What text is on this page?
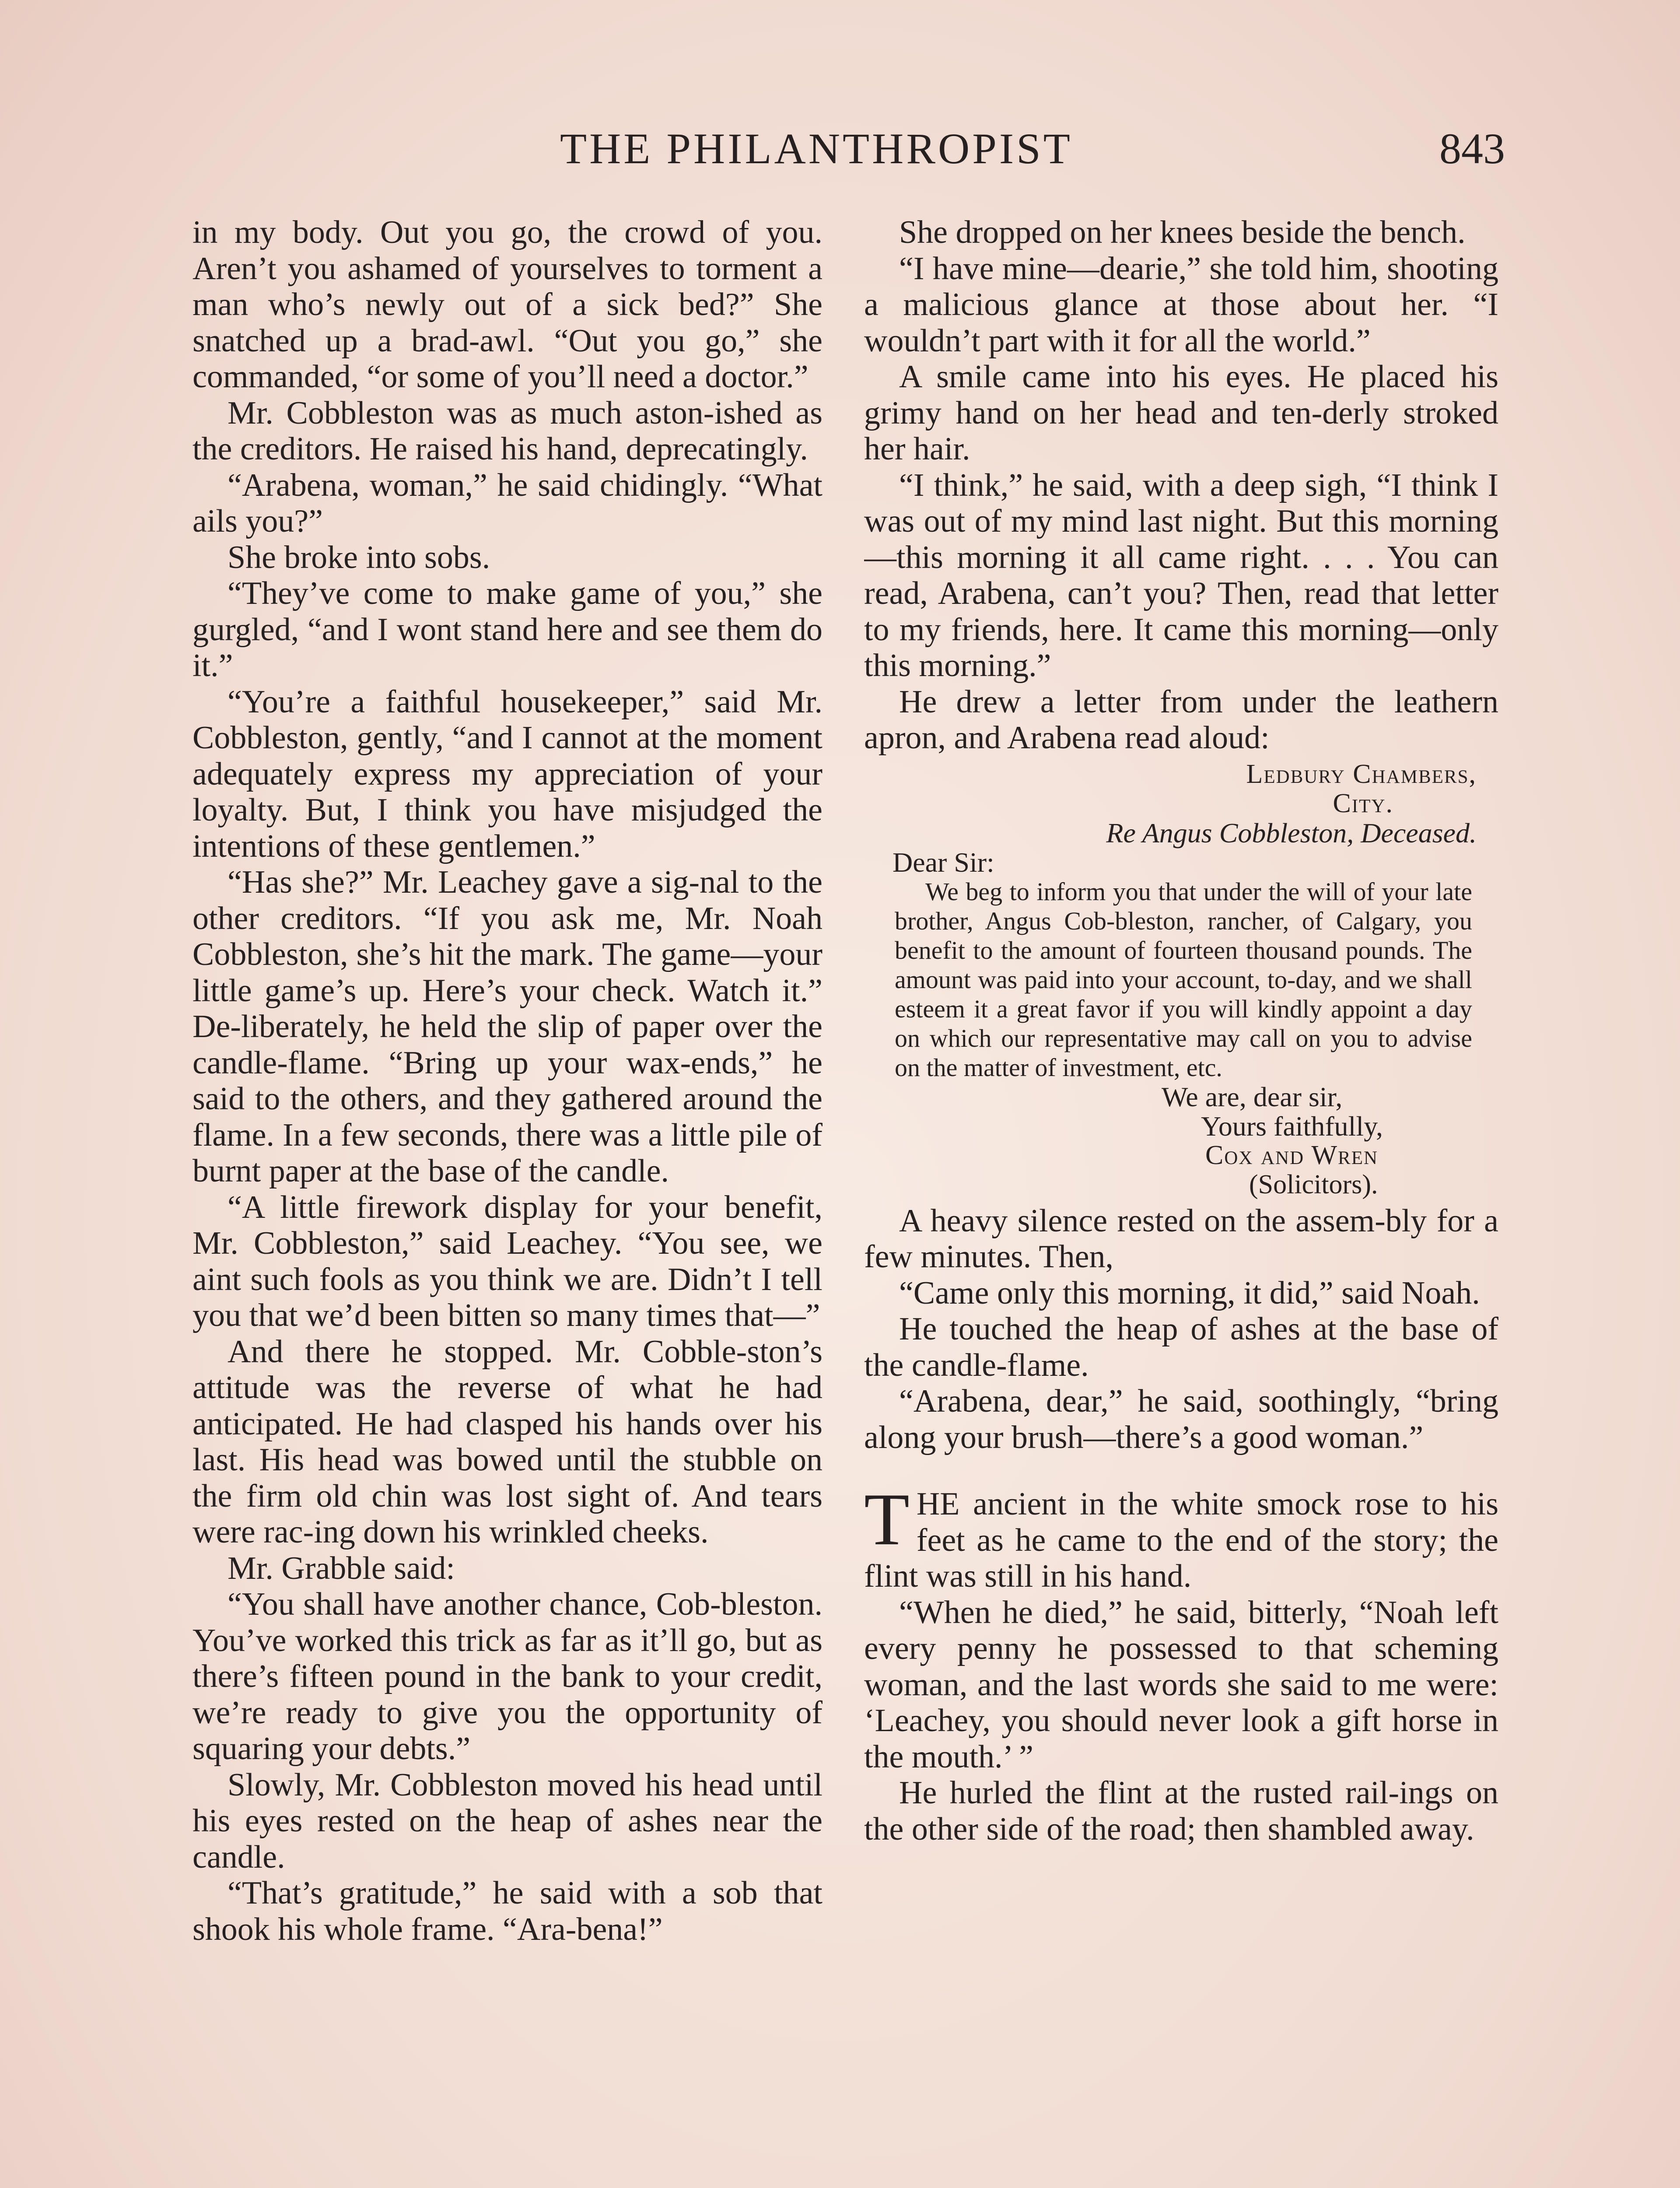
THE PHILANTHROPIST	843

in my body. Out you go, the crowd of you. Aren’t you ashamed of yourselves to torment a man who’s newly out of a sick bed?” She snatched up a brad-awl. “Out you go,” she commanded, “or some of you’ll need a doctor.”

Mr. Cobbleston was as much aston-ished as the creditors. He raised his hand, deprecatingly.

“Arabena, woman,” he said chidingly. “What ails you?”

She broke into sobs.

“They’ve come to make game of you,” she gurgled, “and I wont stand here and see them do it.”

“You’re a faithful housekeeper,” said Mr. Cobbleston, gently, “and I cannot at the moment adequately express my appreciation of your loyalty. But, I think you have misjudged the intentions of these gentlemen.”

“Has she?” Mr. Leachey gave a sig-nal to the other creditors. “If you ask me, Mr. Noah Cobbleston, she’s hit the mark. The game—your little game’s up. Here’s your check. Watch it.” De-liberately, he held the slip of paper over the candle-flame. “Bring up your wax-ends,” he said to the others, and they gathered around the flame. In a few seconds, there was a little pile of burnt paper at the base of the candle.

“A little firework display for your benefit, Mr. Cobbleston,” said Leachey. “You see, we aint such fools as you think we are. Didn’t I tell you that we’d been bitten so many times that—”

And there he stopped. Mr. Cobble-ston’s attitude was the reverse of what he had anticipated. He had clasped his hands over his last. His head was bowed until the stubble on the firm old chin was lost sight of. And tears were rac-ing down his wrinkled cheeks.

Mr. Grabble said:

“You shall have another chance, Cob-bleston. You’ve worked this trick as far as it’ll go, but as there’s fifteen pound in the bank to your credit, we’re ready to give you the opportunity of squaring your debts.”

Slowly, Mr. Cobbleston moved his head until his eyes rested on the heap of ashes near the candle.

“That’s gratitude,” he said with a sob that shook his whole frame. “Ara-bena!”

She dropped on her knees beside the bench.

“I have mine—dearie,” she told him, shooting a malicious glance at those about her. “I wouldn’t part with it for all the world.”

A smile came into his eyes. He placed his grimy hand on her head and ten-derly stroked her hair.

“I think,” he said, with a deep sigh, “I think I was out of my mind last night. But this morning—this morning it all came right. . . . You can read, Arabena, can’t you? Then, read that letter to my friends, here. It came this morning—only this morning.”

He drew a letter from under the leathern apron, and Arabena read aloud:

Ledbury Chambers,
City.
Re Angus Cobbleston, Deceased.
Dear Sir:
We beg to inform you that under the will of your late brother, Angus Cob-bleston, rancher, of Calgary, you benefit to the amount of fourteen thousand pounds. The amount was paid into your account, to-day, and we shall esteem it a great favor if you will kindly appoint a day on which our representative may call on you to advise on the matter of investment, etc.
We are, dear sir,
Yours faithfully,
Cox and Wren
(Solicitors).

A heavy silence rested on the assem-bly for a few minutes. Then,

“Came only this morning, it did,” said Noah.

He touched the heap of ashes at the base of the candle-flame.

“Arabena, dear,” he said, soothingly, “bring along your brush—there’s a good woman.”

THE ancient in the white smock rose to his feet as he came to the end of the story; the flint was still in his hand.

“When he died,” he said, bitterly, “Noah left every penny he possessed to that scheming woman, and the last words she said to me were: ‘Leachey, you should never look a gift horse in the mouth.’ ”

He hurled the flint at the rusted rail-ings on the other side of the road; then shambled away.
